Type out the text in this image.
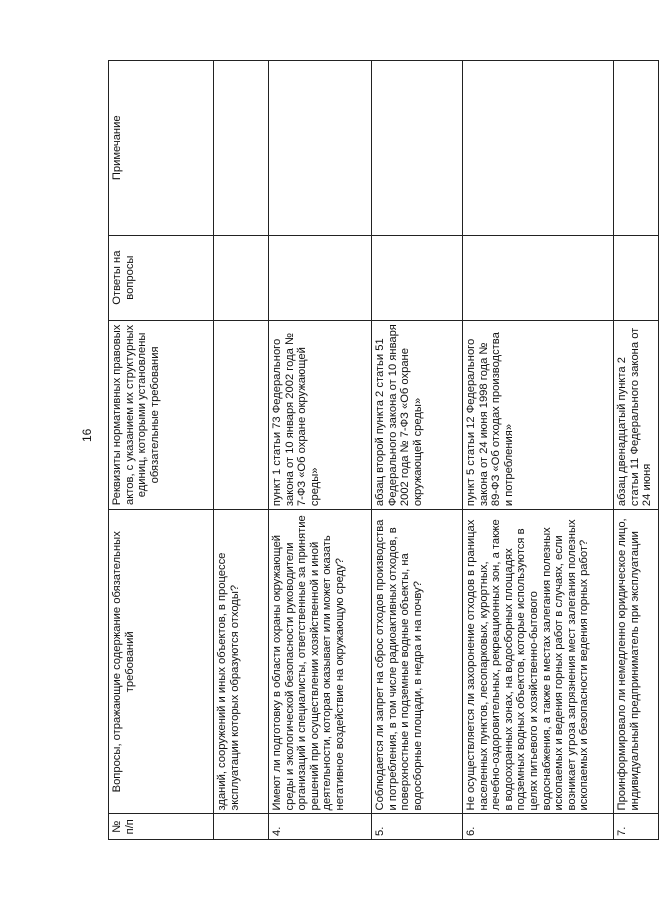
16
№ п/п	Вопросы, отражающие содержание обязательных требований	Реквизиты нормативных правовых актов, с указанием их структурных единиц, которыми установлены обязательные требования	Ответы на вопросы	Примечание
	зданий, сооружений и иных объектов, в процессе эксплуатации которых образуются отходы?			
4.	Имеют ли подготовку в области охраны окружающей среды и экологической безопасности руководители организаций и специалисты, ответственные за принятие решений при осуществлении хозяйственной и иной деятельности, которая оказывает или может оказать негативное воздействие на окружающую среду?	пункт 1 статьи 73 Федерального закона от 10 января 2002 года № 7-ФЗ «Об охране окружающей среды»		
5.	Соблюдается ли запрет на сброс отходов производства и потребления, в том числе радиоактивных отходов, в поверхностные и подземные водные объекты, на водосборные площади, в недра и на почву?	абзац второй пункта 2 статьи 51 Федерального закона от 10 января 2002 года № 7-ФЗ «Об охране окружающей среды»		
6.	Не осуществляется ли захоронение отходов в границах населенных пунктов, лесопарковых, курортных, лечебно-оздоровительных, рекреационных зон, а также в водоохранных зонах, на водосборных площадях подземных водных объектов, которые используются в целях питьевого и хозяйственно-бытового водоснабжения, а также в местах залегания полезных ископаемых и ведения горных работ в случаях, если возникает угроза загрязнения мест залегания полезных ископаемых и безопасности ведения горных работ?	пункт 5 статьи 12 Федерального закона от 24 июня 1998 года № 89-ФЗ «Об отходах производства и потребления»		
7.	Проинформировало ли немедленно юридическое лицо, индивидуальный предприниматель при эксплуатации	абзац двенадцатый пункта 2 статьи 11 Федерального закона от 24 июня		
